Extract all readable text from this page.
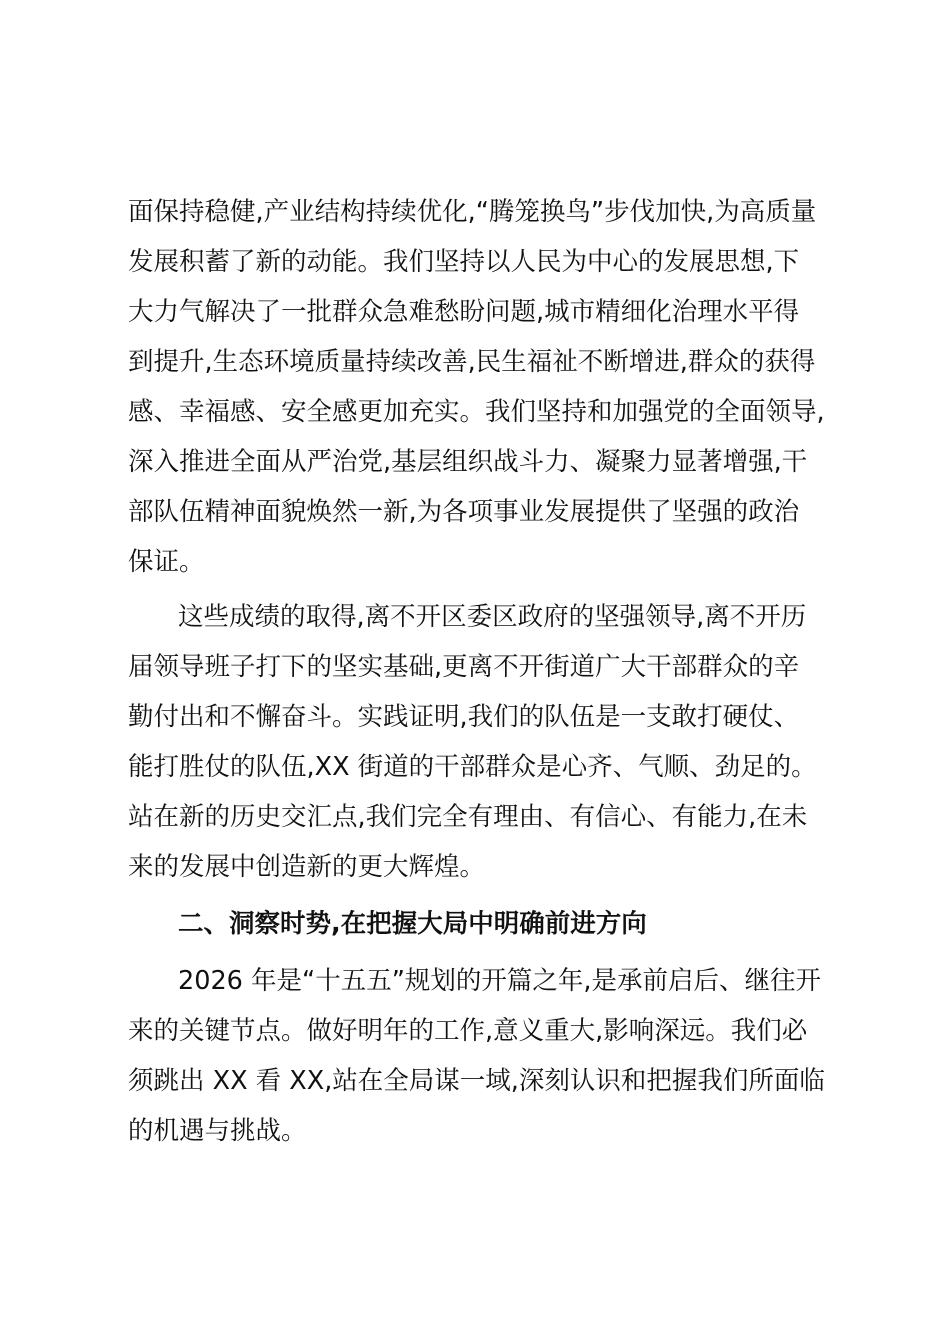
面保持稳健,产业结构持续优化,“腾笼换鸟”步伐加快,为高质量
发展积蓄了新的动能。我们坚持以人民为中心的发展思想,下
大力气解决了一批群众急难愁盼问题,城市精细化治理水平得
到提升,生态环境质量持续改善,民生福祉不断增进,群众的获得
感、幸福感、安全感更加充实。我们坚持和加强党的全面领导,
深入推进全面从严治党,基层组织战斗力、凝聚力显著增强,干
部队伍精神面貌焕然一新,为各项事业发展提供了坚强的政治
保证。
这些成绩的取得,离不开区委区政府的坚强领导,离不开历
届领导班子打下的坚实基础,更离不开街道广大干部群众的辛
勤付出和不懈奋斗。实践证明,我们的队伍是一支敢打硬仗、
能打胜仗的队伍,XX 街道的干部群众是心齐、气顺、劲足的。
站在新的历史交汇点,我们完全有理由、有信心、有能力,在未
来的发展中创造新的更大辉煌。
二、洞察时势,在把握大局中明确前进方向
2026 年是“十五五”规划的开篇之年,是承前启后、继往开
来的关键节点。做好明年的工作,意义重大,影响深远。我们必
须跳出 XX 看 XX,站在全局谋一域,深刻认识和把握我们所面临
的机遇与挑战。
